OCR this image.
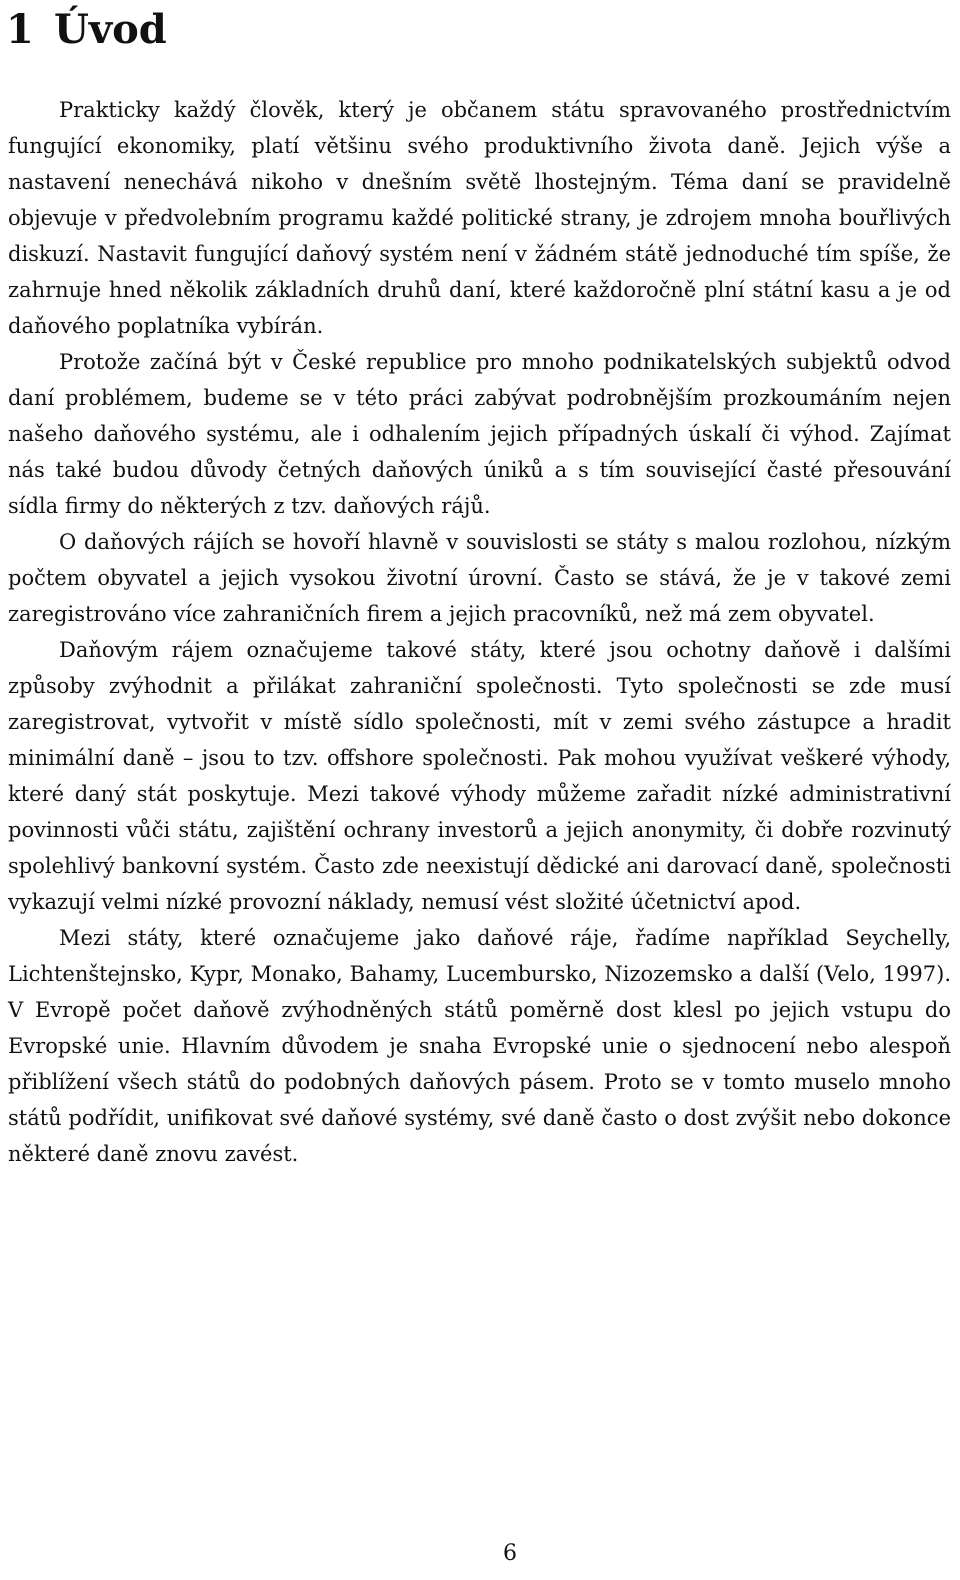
1 Úvod

Prakticky každý člověk, který je občanem státu spravovaného prostřednictvím fungující ekonomiky, platí většinu svého produktivního života daně. Jejich výše a nastavení nenechává nikoho v dnešním světě lhostejným. Téma daní se pravidelně objevuje v předvolebním programu každé politické strany, je zdrojem mnoha bouřlivých diskuzí. Nastavit fungující daňový systém není v žádném státě jednoduché tím spíše, že zahrnuje hned několik základních druhů daní, které každoročně plní státní kasu a je od daňového poplatníka vybírán.

Protože začíná být v České republice pro mnoho podnikatelských subjektů odvod daní problémem, budeme se v této práci zabývat podrobnějším prozkoumáním nejen našeho daňového systému, ale i odhalením jejich případných úskalí či výhod. Zajímat nás také budou důvody četných daňových úniků a s tím související časté přesouvání sídla firmy do některých z tzv. daňových rájů.

O daňových rájích se hovoří hlavně v souvislosti se státy s malou rozlohou, nízkým počtem obyvatel a jejich vysokou životní úrovní. Často se stává, že je v takové zemi zaregistrováno více zahraničních firem a jejich pracovníků, než má zem obyvatel.

Daňovým rájem označujeme takové státy, které jsou ochotny daňově i dalšími způsoby zvýhodnit a přilákat zahraniční společnosti. Tyto společnosti se zde musí zaregistrovat, vytvořit v místě sídlo společnosti, mít v zemi svého zástupce a hradit minimální daně – jsou to tzv. offshore společnosti. Pak mohou využívat veškeré výhody, které daný stát poskytuje. Mezi takové výhody můžeme zařadit nízké administrativní povinnosti vůči státu, zajištění ochrany investorů a jejich anonymity, či dobře rozvinutý spolehlivý bankovní systém. Často zde neexistují dědické ani darovací daně, společnosti vykazují velmi nízké provozní náklady, nemusí vést složité účetnictví apod.

Mezi státy, které označujeme jako daňové ráje, řadíme například Seychelly, Lichtenštejnsko, Kypr, Monako, Bahamy, Lucembursko, Nizozemsko a další (Velo, 1997). V Evropě počet daňově zvýhodněných států poměrně dost klesl po jejich vstupu do Evropské unie. Hlavním důvodem je snaha Evropské unie o sjednocení nebo alespoň přiblížení všech států do podobných daňových pásem. Proto se v tomto muselo mnoho států podřídit, unifikovat své daňové systémy, své daně často o dost zvýšit nebo dokonce některé daně znovu zavést.

6
